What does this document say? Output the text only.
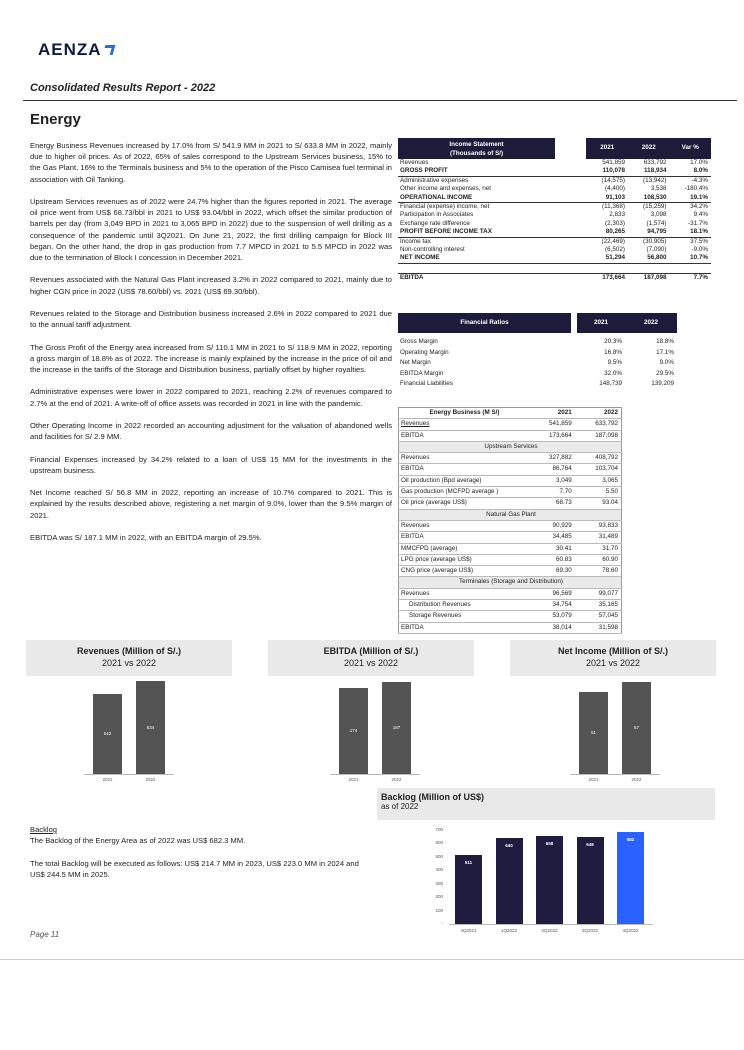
AENZA
Consolidated Results Report - 2022
Energy

Energy Business Revenues increased by 17.0% from S/ 541.9 MM in 2021 to S/ 633.8 MM in 2022, mainly due to higher oil prices. As of 2022, 65% of sales correspond to the Upstream Services business, 15% to the Gas Plant, 16% to the Terminals business and 5% to the operation of the Pisco Camisea fuel terminal in association with Oil Tanking.

Upstream Services revenues as of 2022 were 24.7% higher than the figures reported in 2021. The average oil price went from US$ 68.73/bbl in 2021 to US$ 93.04/bbl in 2022, which offset the similar production of barrels per day (from 3,049 BPD in 2021 to 3,065 BPD in 2022) due to the suspension of well drilling as a consequence of the pandemic until 3Q2021. On June 21, 2022, the first drilling campaign for Block III began. On the other hand, the drop in gas production from 7.7 MPCD in 2021 to 5.5 MPCD in 2022 was due to the termination of Block I concession in December 2021.

Revenues associated with the Natural Gas Plant increased 3.2% in 2022 compared to 2021, mainly due to higher CGN price in 2022 (US$ 78.60/bbl) vs. 2021 (US$ 69.30/bbl).

Revenues related to the Storage and Distribution business increased 2.6% in 2022 compared to 2021 due to the annual tariff adjustment.

The Gross Profit of the Energy area increased from S/ 110.1 MM in 2021 to S/ 118.9 MM in 2022, reporting a gross margin of 18.8% as of 2022. The increase is mainly explained by the increase in the price of oil and the increase in the tariffs of the Storage and Distribution business, partially offset by higher royalties.

Administrative expenses were lower in 2022 compared to 2021, reaching 2.2% of revenues compared to 2.7% at the end of 2021. A write-off of office assets was recorded in 2021 in line with the pandemic.

Other Operating Income in 2022 recorded an accounting adjustment for the valuation of abandoned wells and facilities for S/ 2.9 MM.

Financial Expenses increased by 34.2% related to a loan of US$ 15 MM for the investments in the upstream business.

Net Income reached S/ 56.8 MM in 2022, reporting an increase of 10.7% compared to 2021. This is explained by the results described above, registering a net margin of 9.0%, lower than the 9.5% margin of 2021.

EBITDA was S/ 187.1 MM in 2022, with an EBITDA margin of 29.5%.

Income Statement (Thousands of S/)		2021	2022	Var %
Revenues		541,859	633,792	17.0%
GROSS PROFIT		110,078	118,934	8.0%
Administrative expenses		(14,575)	(13,942)	-4.3%
Other income and expenses, net		(4,400)	3,538	-180.4%
OPERATIONAL INCOME		91,103	108,530	19.1%
Financial (expense) income, net		(11,368)	(15,259)	34.2%
Participation in Associates		2,833	3,098	9.4%
Exchange rate difference		(2,303)	(1,574)	-31.7%
PROFIT BEFORE INCOME TAX		80,265	94,795	18.1%
Income tax		(22,469)	(30,905)	37.5%
Non-controlling interest		(6,502)	(7,090)	-9.0%
NET INCOME		51,294	56,800	10.7%

EBITDA		173,664	187,098	7.7%
Financial Ratios		2021	2022

Gross Margin		20.3%	18.8%
Operating Margin		16.8%	17.1%
Net Margin		9.5%	9.0%
EBITDA Margin		32.0%	29.5%
Financial Liabilities		148,739	139,209
Energy Business (M S/)	2021	2022
Revenues	541,859	633,792
EBITDA	173,664	187,098
Upstream Services		
Revenues	327,882	408,792
EBITDA	86,764	103,704
Oil production (Bpd average)	3,049	3,065
Gas production (MCFPD average )	7.70	5.50
Oil price (average US$)	68.73	93.04
Natural Gas Plant		
Revenues	90,929	93,833
EBITDA	34,485	31,489
MMCFPD (average)	30.41	31.70
LPG price (average US$)	60.83	60.90
CNG price (average US$)	69.30	78.60
Terminales (Storage and Distribution)		
Revenues	96,569	99,077
Distribution Revenues	34,754	35,165
Storage Revenues	53,079	57,045
EBITDA	38,014	31,598
Revenues (Million of S/.)
2021 vs 2022
EBITDA (Million of S/.)
2021 vs 2022
Net Income (Million of S/.)
2021 vs 2022
542
2021
634
2022
174
2021
187
2022
51
2021
57
2022
Backlog (Million of US$)
as of 2022
700
600
500
400
300
200
100
-
511
4Q2021
640
1Q2022
658
2Q2022
648
3Q2022
682
4Q2022
Backlog
The Backlog of the Energy Area as of 2022 was US$ 682.3 MM.
The total Backlog will be executed as follows: US$ 214.7 MM in 2023, US$ 223.0 MM in 2024 and US$ 244.5 MM in 2025.
Page 11
